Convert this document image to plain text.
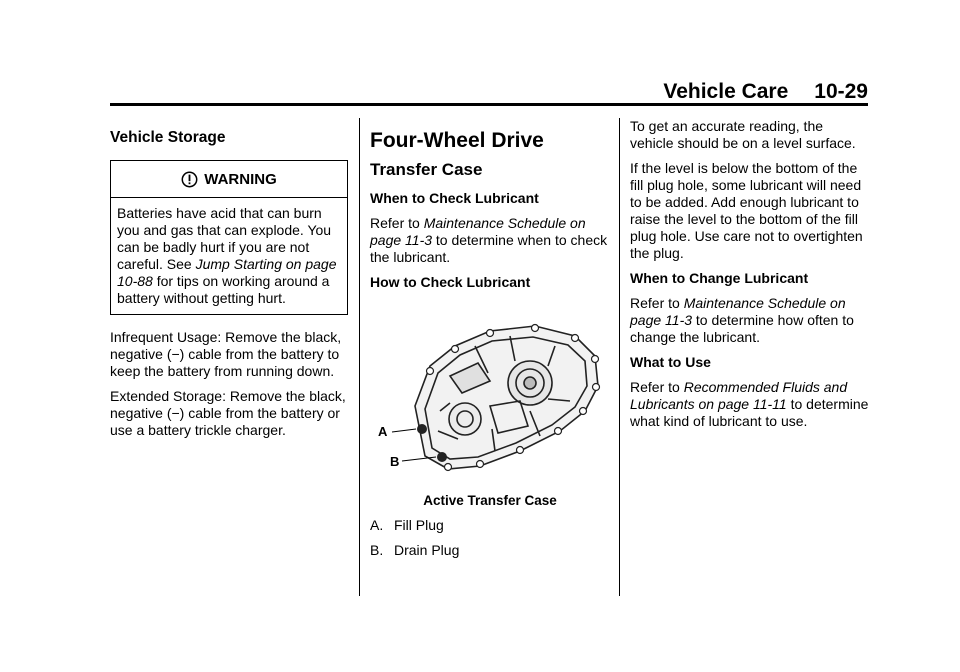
Vehicle Care 10-29
Vehicle Storage
WARNING
Batteries have acid that can burn you and gas that can explode. You can be badly hurt if you are not careful. See Jump Starting on page 10-88 for tips on working around a battery without getting hurt.

Infrequent Usage: Remove the black, negative (−) cable from the battery to keep the battery from running down.

Extended Storage: Remove the black, negative (−) cable from the battery or use a battery trickle charger.

Four-Wheel Drive
Transfer Case
When to Check Lubricant

Refer to Maintenance Schedule on page 11-3 to determine when to check the lubricant.

How to Check Lubricant
A
B
Active Transfer Case
A. Fill Plug
B. Drain Plug

To get an accurate reading, the vehicle should be on a level surface.

If the level is below the bottom of the fill plug hole, some lubricant will need to be added. Add enough lubricant to raise the level to the bottom of the fill plug hole. Use care not to overtighten the plug.

When to Change Lubricant

Refer to Maintenance Schedule on page 11-3 to determine how often to change the lubricant.

What to Use

Refer to Recommended Fluids and Lubricants on page 11-11 to determine what kind of lubricant to use.
